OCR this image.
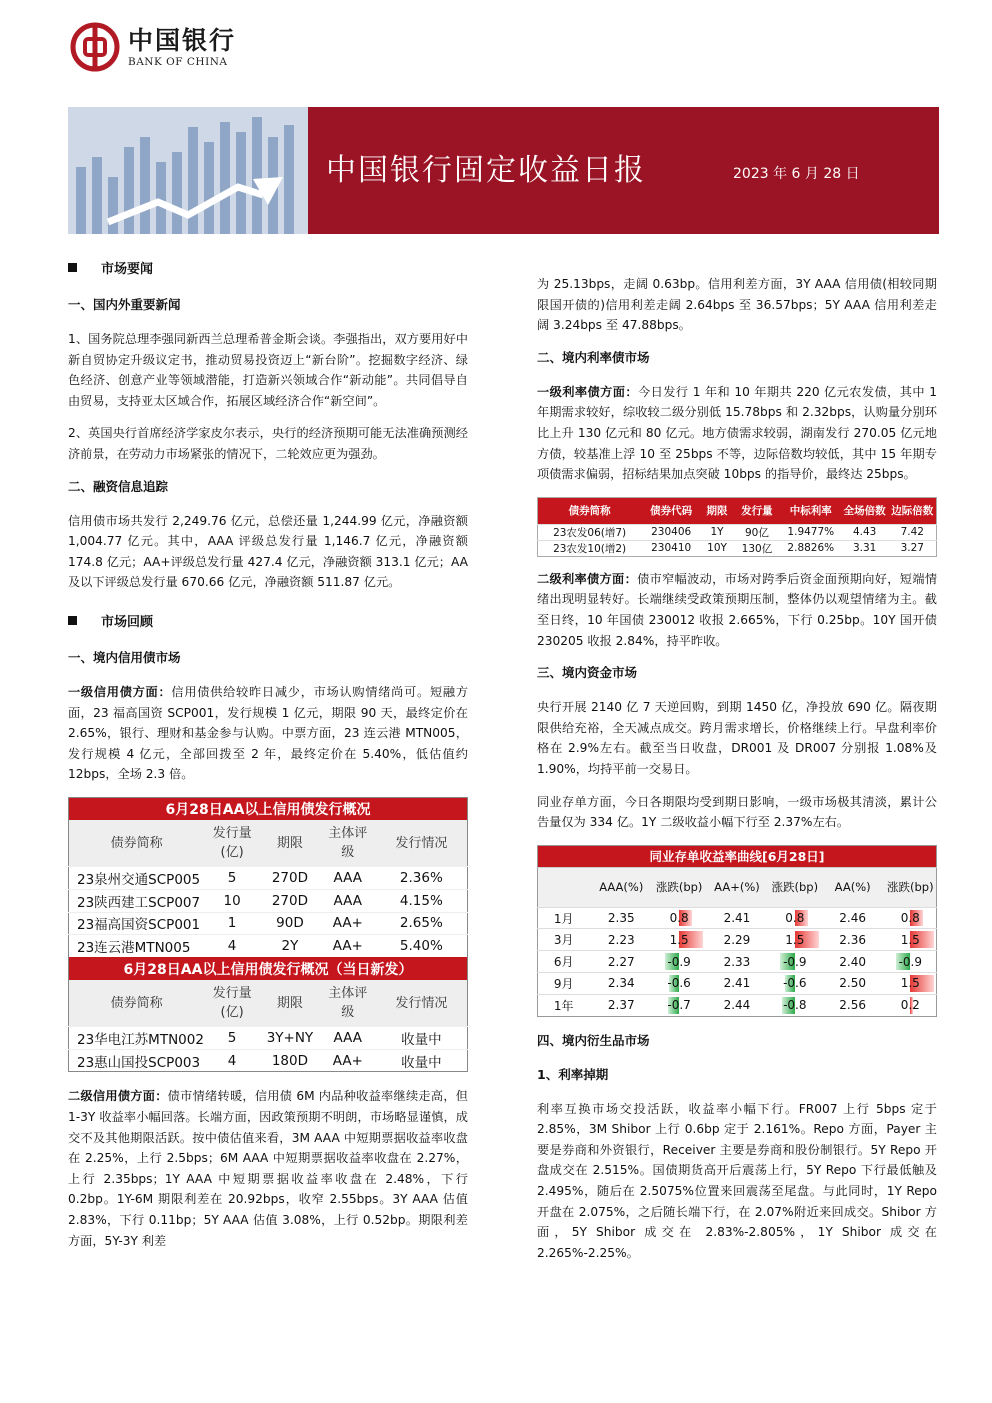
中国银行
BANK OF CHINA
中国银行固定收益日报	2023 年 6 月 28 日
市场要闻
一、国内外重要新闻

1、国务院总理李强同新西兰总理希普金斯会谈。李强指出，双方要用好中新自贸协定升级议定书，推动贸易投资迈上“新台阶”。挖掘数字经济、绿色经济、创意产业等领域潜能，打造新兴领域合作“新动能”。共同倡导自由贸易，支持亚太区域合作，拓展区域经济合作“新空间”。

2、英国央行首席经济学家皮尔表示，央行的经济预期可能无法准确预测经济前景，在劳动力市场紧张的情况下，二轮效应更为强劲。

二、融资信息追踪

信用债市场共发行 2,249.76 亿元，总偿还量 1,244.99 亿元，净融资额 1,004.77 亿元。其中，AAA 评级总发行量 1,146.7 亿元，净融资额 174.8 亿元；AA+评级总发行量 427.4 亿元，净融资额 313.1 亿元；AA 及以下评级总发行量 670.66 亿元，净融资额 511.87 亿元。

市场回顾
一、境内信用债市场

一级信用债方面：信用债供给较昨日减少，市场认购情绪尚可。短融方面，23 福高国资 SCP001，发行规模 1 亿元，期限 90 天，最终定价在 2.65%，银行、理财和基金参与认购。中票方面，23 连云港 MTN005，发行规模 4 亿元，全部回拨至 2 年，最终定价在 5.40%，低估值约 12bps，全场 2.3 倍。

6月28日AA以上信用债发行概况				
债券简称	发行量(亿)	期限	主体评级	发行情况
23泉州交通SCP005	5	270D	AAA	2.36%
23陕西建工SCP007	10	270D	AAA	4.15%
23福高国资SCP001	1	90D	AA+	2.65%
23连云港MTN005	4	2Y	AA+	5.40%
6月28日AA以上信用债发行概况（当日新发）				
债券简称	发行量(亿)	期限	主体评级	发行情况
23华电江苏MTN002	5	3Y+NY	AAA	收量中
23惠山国投SCP003	4	180D	AA+	收量中

二级信用债方面：债市情绪转暖，信用债 6M 内品种收益率继续走高，但 1-3Y 收益率小幅回落。长端方面，因政策预期不明朗，市场略显谨慎，成交不及其他期限活跃。按中债估值来看，3M AAA 中短期票据收益率收盘在 2.25%，上行 2.5bps；6M AAA 中短期票据收益率收盘在 2.27%，上行 2.35bps；1Y AAA 中短期票据收益率收盘在 2.48%，下行 0.2bp。1Y-6M 期限利差在 20.92bps，收窄 2.55bps。3Y AAA 估值 2.83%，下行 0.11bp；5Y AAA 估值 3.08%，上行 0.52bp。期限利差方面，5Y-3Y 利差

为 25.13bps，走阔 0.63bp。信用利差方面，3Y AAA 信用债(相较同期限国开债的)信用利差走阔 2.64bps 至 36.57bps；5Y AAA 信用利差走阔 3.24bps 至 47.88bps。

二、境内利率债市场

一级利率债方面：今日发行 1 年和 10 年期共 220 亿元农发债，其中 1 年期需求较好，综收较二级分别低 15.78bps 和 2.32bps，认购量分别环比上升 130 亿元和 80 亿元。地方债需求较弱，湖南发行 270.05 亿元地方债，较基准上浮 10 至 25bps 不等，边际倍数均较低，其中 15 年期专项债需求偏弱，招标结果加点突破 10bps 的指导价，最终达 25bps。

债券简称	债券代码	期限	发行量	中标利率	全场倍数	边际倍数
23农发06(增7)	230406	1Y	90亿	1.9477%	4.43	7.42
23农发10(增2)	230410	10Y	130亿	2.8826%	3.31	3.27

二级利率债方面：债市窄幅波动，市场对跨季后资金面预期向好，短端情绪出现明显转好。长端继续受政策预期压制，整体仍以观望情绪为主。截至日终，10 年国债 230012 收报 2.665%，下行 0.25bp。10Y 国开债 230205 收报 2.84%，持平昨收。

三、境内资金市场

央行开展 2140 亿 7 天逆回购，到期 1450 亿，净投放 690 亿。隔夜期限供给充裕，全天减点成交。跨月需求增长，价格继续上行。早盘利率价格在 2.9%左右。截至当日收盘，DR001 及 DR007 分别报 1.08%及 1.90%，均持平前一交易日。

同业存单方面，今日各期限均受到期日影响，一级市场极其清淡，累计公告量仅为 334 亿。1Y 二级收益小幅下行至 2.37%左右。

同业存单收益率曲线[6月28日]						
	AAA(%)	涨跌(bp)	AA+(%)	涨跌(bp)	AA(%)	涨跌(bp)
1月	2.35	0.8	2.41	0.8	2.46	0.8
3月	2.23	1.5	2.29	1.5	2.36	1.5
6月	2.27	-0.9	2.33	-0.9	2.40	-0.9
9月	2.34	-0.6	2.41	-0.6	2.50	1.5
1年	2.37	-0.7	2.44	-0.8	2.56	0.2
四、境内衍生品市场
1、利率掉期

利率互换市场交投活跃，收益率小幅下行。FR007 上行 5bps 定于 2.85%，3M Shibor 上行 0.6bp 定于 2.161%。Repo 方面，Payer 主要是券商和外资银行，Receiver 主要是券商和股份制银行。5Y Repo 开盘成交在 2.515%。国债期货高开后震荡上行，5Y Repo 下行最低触及 2.495%，随后在 2.5075%位置来回震荡至尾盘。与此同时，1Y Repo 开盘在 2.075%，之后随长端下行，在 2.07%附近来回成交。Shibor 方面，5Y Shibor 成交在 2.83%-2.805%，1Y Shibor 成交在 2.265%-2.25%。
